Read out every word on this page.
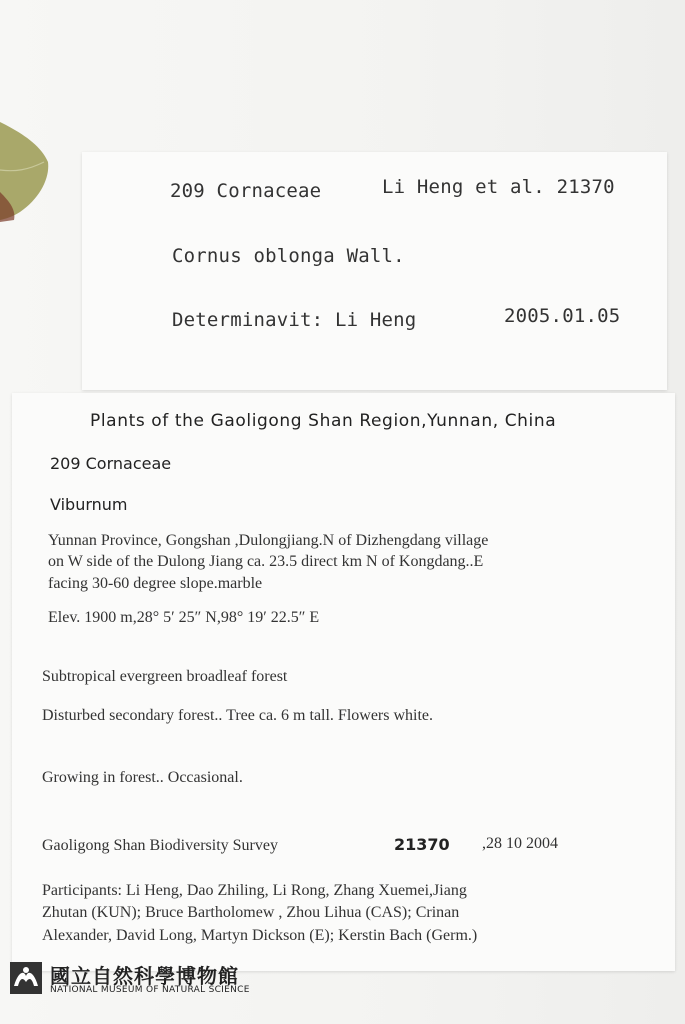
209 Cornaceae	Li Heng et al. 21370
Cornus oblonga Wall.
Determinavit: Li Heng	2005.01.05
Plants of the Gaoligong Shan Region,Yunnan, China
209 Cornaceae
Viburnum
Yunnan Province, Gongshan ,Dulongjiang.N of Dizhengdang village
on W side of the Dulong Jiang ca. 23.5 direct km N of Kongdang..E
facing 30-60 degree slope.marble
Elev. 1900 m,28° 5′ 25″ N,98° 19′ 22.5″ E
Subtropical evergreen broadleaf forest
Disturbed secondary forest.. Tree ca. 6 m tall. Flowers white.
Growing in forest.. Occasional.
Gaoligong Shan Biodiversity Survey	21370 ,28 10 2004
Participants: Li Heng, Dao Zhiling, Li Rong, Zhang Xuemei,Jiang
Zhutan (KUN); Bruce Bartholomew , Zhou Lihua (CAS); Crinan
Alexander, David Long, Martyn Dickson (E); Kerstin Bach (Germ.)
國立自然科學博物館
NATIONAL MUSEUM OF NATURAL SCIENCE
